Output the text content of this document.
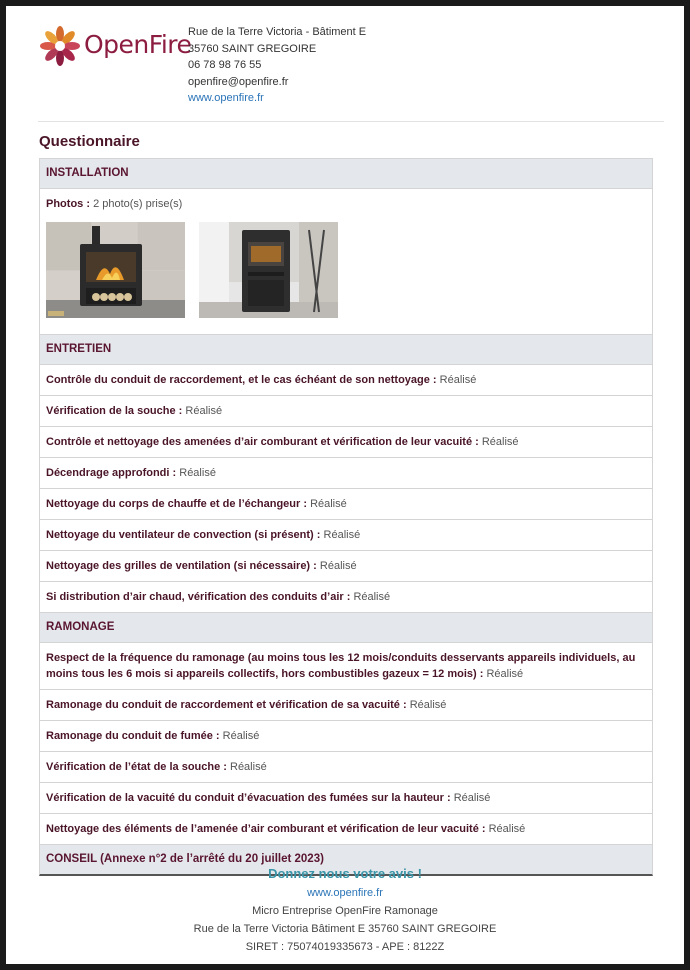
OpenFire
Rue de la Terre Victoria - Bâtiment E
35760 SAINT GREGOIRE
06 78 98 76 55
openfire@openfire.fr
www.openfire.fr
Questionnaire
INSTALLATION
Photos : 2 photo(s) prise(s)
ENTRETIEN
Contrôle du conduit de raccordement, et le cas échéant de son nettoyage : Réalisé
Vérification de la souche : Réalisé
Contrôle et nettoyage des amenées d’air comburant et vérification de leur vacuité : Réalisé
Décendrage approfondi : Réalisé
Nettoyage du corps de chauffe et de l’échangeur : Réalisé
Nettoyage du ventilateur de convection (si présent) : Réalisé
Nettoyage des grilles de ventilation (si nécessaire) : Réalisé
Si distribution d’air chaud, vérification des conduits d’air : Réalisé
RAMONAGE
Respect de la fréquence du ramonage (au moins tous les 12 mois/conduits desservants appareils individuels, au moins tous les 6 mois si appareils collectifs, hors combustibles gazeux = 12 mois) : Réalisé
Ramonage du conduit de raccordement et vérification de sa vacuité : Réalisé
Ramonage du conduit de fumée : Réalisé
Vérification de l’état de la souche : Réalisé
Vérification de la vacuité du conduit d’évacuation des fumées sur la hauteur : Réalisé
Nettoyage des éléments de l’amenée d’air comburant et vérification de leur vacuité : Réalisé
CONSEIL (Annexe n°2 de l’arrêté du 20 juillet 2023)
Donnez nous votre avis !
www.openfire.fr
Micro Entreprise OpenFire Ramonage
Rue de la Terre Victoria Bâtiment E 35760 SAINT GREGOIRE
SIRET : 75074019335673 - APE : 8122Z
